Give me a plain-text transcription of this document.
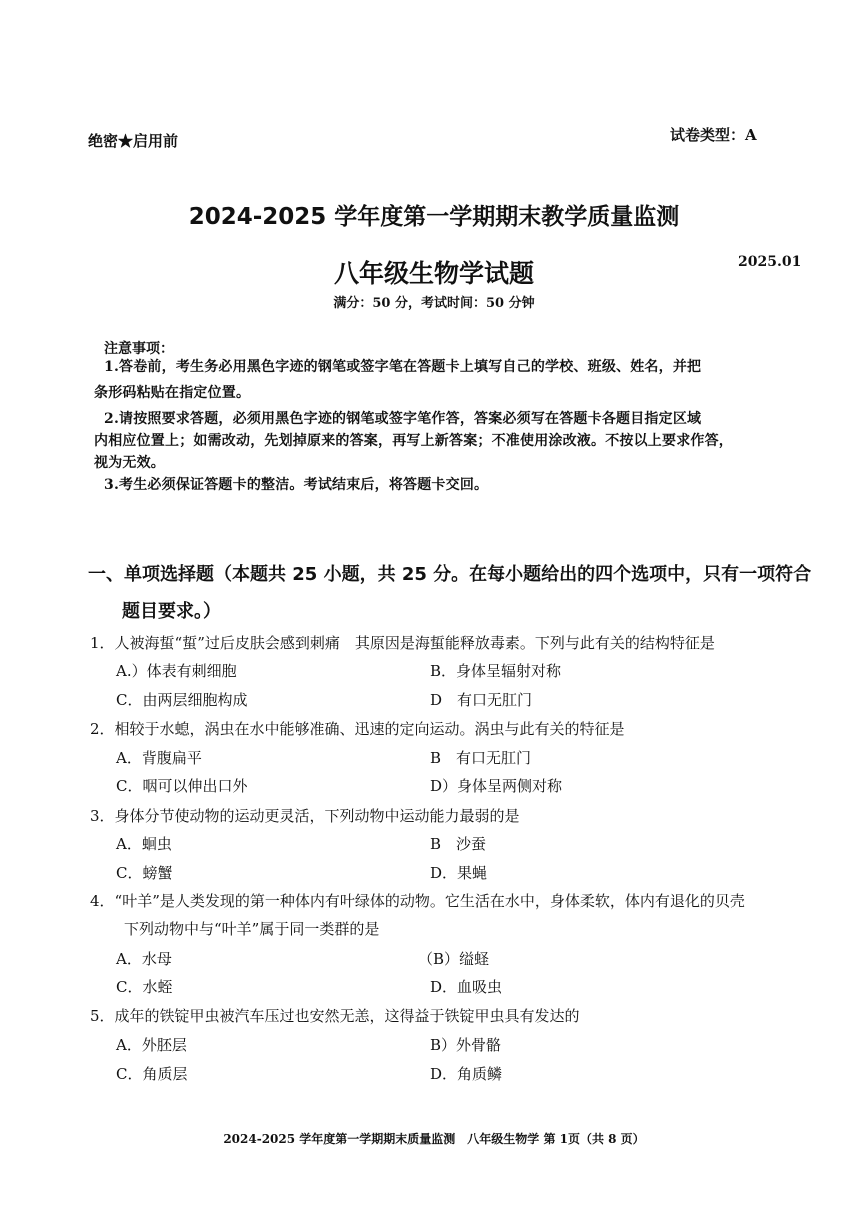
绝密★启用前	试卷类型：A
2024-2025 学年度第一学期期末教学质量监测
八年级生物学试题	2025.01
满分：50 分，考试时间：50 分钟
注意事项：
1.答卷前，考生务必用黑色字迹的钢笔或签字笔在答题卡上填写自己的学校、班级、姓名，并把
条形码粘贴在指定位置。
2.请按照要求答题，必须用黑色字迹的钢笔或签字笔作答，答案必须写在答题卡各题目指定区域
内相应位置上；如需改动，先划掉原来的答案，再写上新答案；不准使用涂改液。不按以上要求作答，
视为无效。
3.考生必须保证答题卡的整洁。考试结束后，将答题卡交回。
一、单项选择题（本题共 25 小题，共 25 分。在每小题给出的四个选项中，只有一项符合
题目要求。）
1．人被海蜇“蜇”过后皮肤会感到刺痛　其原因是海蜇能释放毒素。下列与此有关的结构特征是
A.）体表有刺细胞	B．身体呈辐射对称
C．由两层细胞构成	D　有口无肛门
2．相较于水螅，涡虫在水中能够准确、迅速的定向运动。涡虫与此有关的特征是
A．背腹扁平	B　有口无肛门
C．咽可以伸出口外	D）身体呈两侧对称
3．身体分节使动物的运动更灵活，下列动物中运动能力最弱的是
A．蛔虫	B　沙蚕
C．螃蟹	D．果蝇
4．“叶羊”是人类发现的第一种体内有叶绿体的动物。它生活在水中，身体柔软，体内有退化的贝壳
下列动物中与“叶羊”属于同一类群的是
A．水母	（B）缢蛏
C．水蛭	D．血吸虫
5．成年的铁锭甲虫被汽车压过也安然无恙，这得益于铁锭甲虫具有发达的
A．外胚层	B）外骨骼
C．角质层	D．角质鳞
2024-2025 学年度第一学期期末质量监测　八年级生物学 第 1页（共 8 页）
